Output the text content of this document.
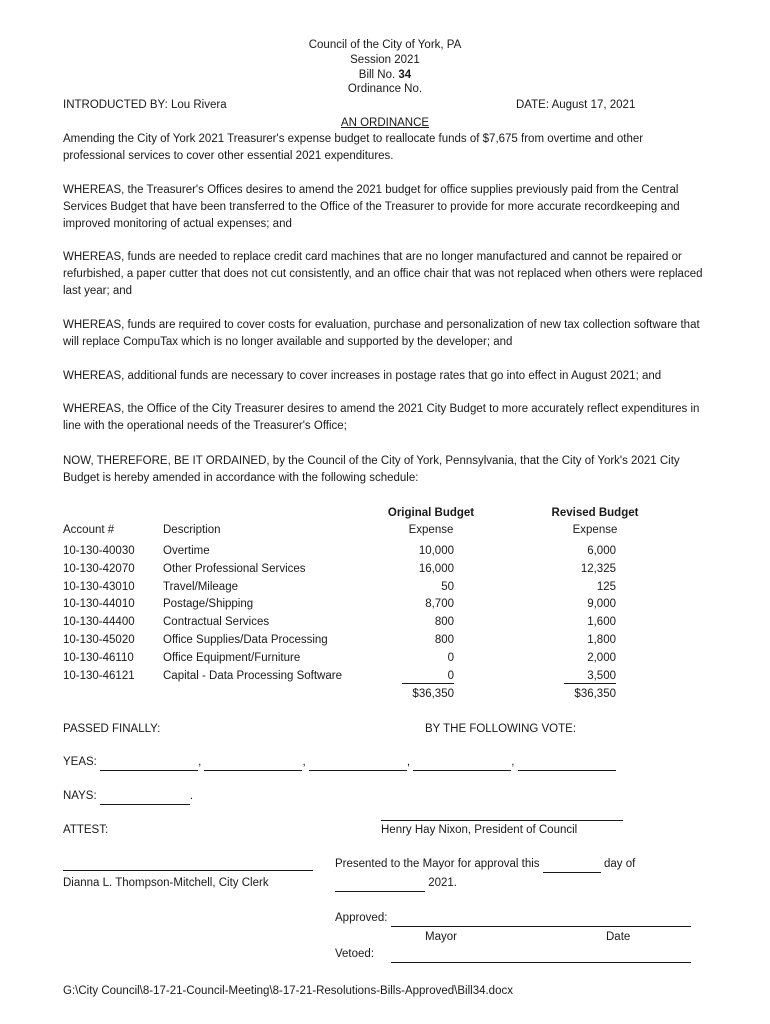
Council of the City of York, PA
Session 2021
Bill No. 34
Ordinance No.
INTRODUCTED BY: Lou Rivera	DATE: August 17, 2021
AN ORDINANCE
Amending the City of York 2021 Treasurer's expense budget to reallocate funds of $7,675 from overtime and other professional services to cover other essential 2021 expenditures.
WHEREAS, the Treasurer's Offices desires to amend the 2021 budget for office supplies previously paid from the Central Services Budget that have been transferred to the Office of the Treasurer to provide for more accurate recordkeeping and improved monitoring of actual expenses; and
WHEREAS, funds are needed to replace credit card machines that are no longer manufactured and cannot be repaired or refurbished, a paper cutter that does not cut consistently, and an office chair that was not replaced when others were replaced last year; and
WHEREAS, funds are required to cover costs for evaluation, purchase and personalization of new tax collection software that will replace CompuTax which is no longer available and supported by the developer; and
WHEREAS, additional funds are necessary to cover increases in postage rates that go into effect in August 2021; and
WHEREAS, the Office of the City Treasurer desires to amend the 2021 City Budget to more accurately reflect expenditures in line with the operational needs of the Treasurer's Office;
NOW, THEREFORE, BE IT ORDAINED, by the Council of the City of York, Pennsylvania, that the City of York's 2021 City Budget is hereby amended in accordance with the following schedule:
Original Budget	Revised Budget
Account #	Description	Expense	Expense
10-130-40030 Overtime	10,000	6,000
10-130-42070 Other Professional Services	16,000	12,325
10-130-43010 Travel/Mileage	50	125
10-130-44010 Postage/Shipping	8,700	9,000
10-130-44400 Contractual Services	800	1,600
10-130-45020 Office Supplies/Data Processing	800	1,800
10-130-46110	Office Equipment/Furniture	0	2,000
10-130-46121 Capital - Data Processing Software	0	3,500
$36,350	$36,350
PASSED FINALLY:	BY THE FOLLOWING VOTE:
YEAS:	,	,	,	,
NAYS:	.
ATTEST:	Henry Hay Nixon, President of Council
Dianna L. Thompson-Mitchell, City Clerk
Presented to the Mayor for approval this	day of
2021.
Approved:
Mayor	Date
Vetoed:
G:\City Council\8-17-21-Council-Meeting\8-17-21-Resolutions-Bills-Approved\Bill34.docx
